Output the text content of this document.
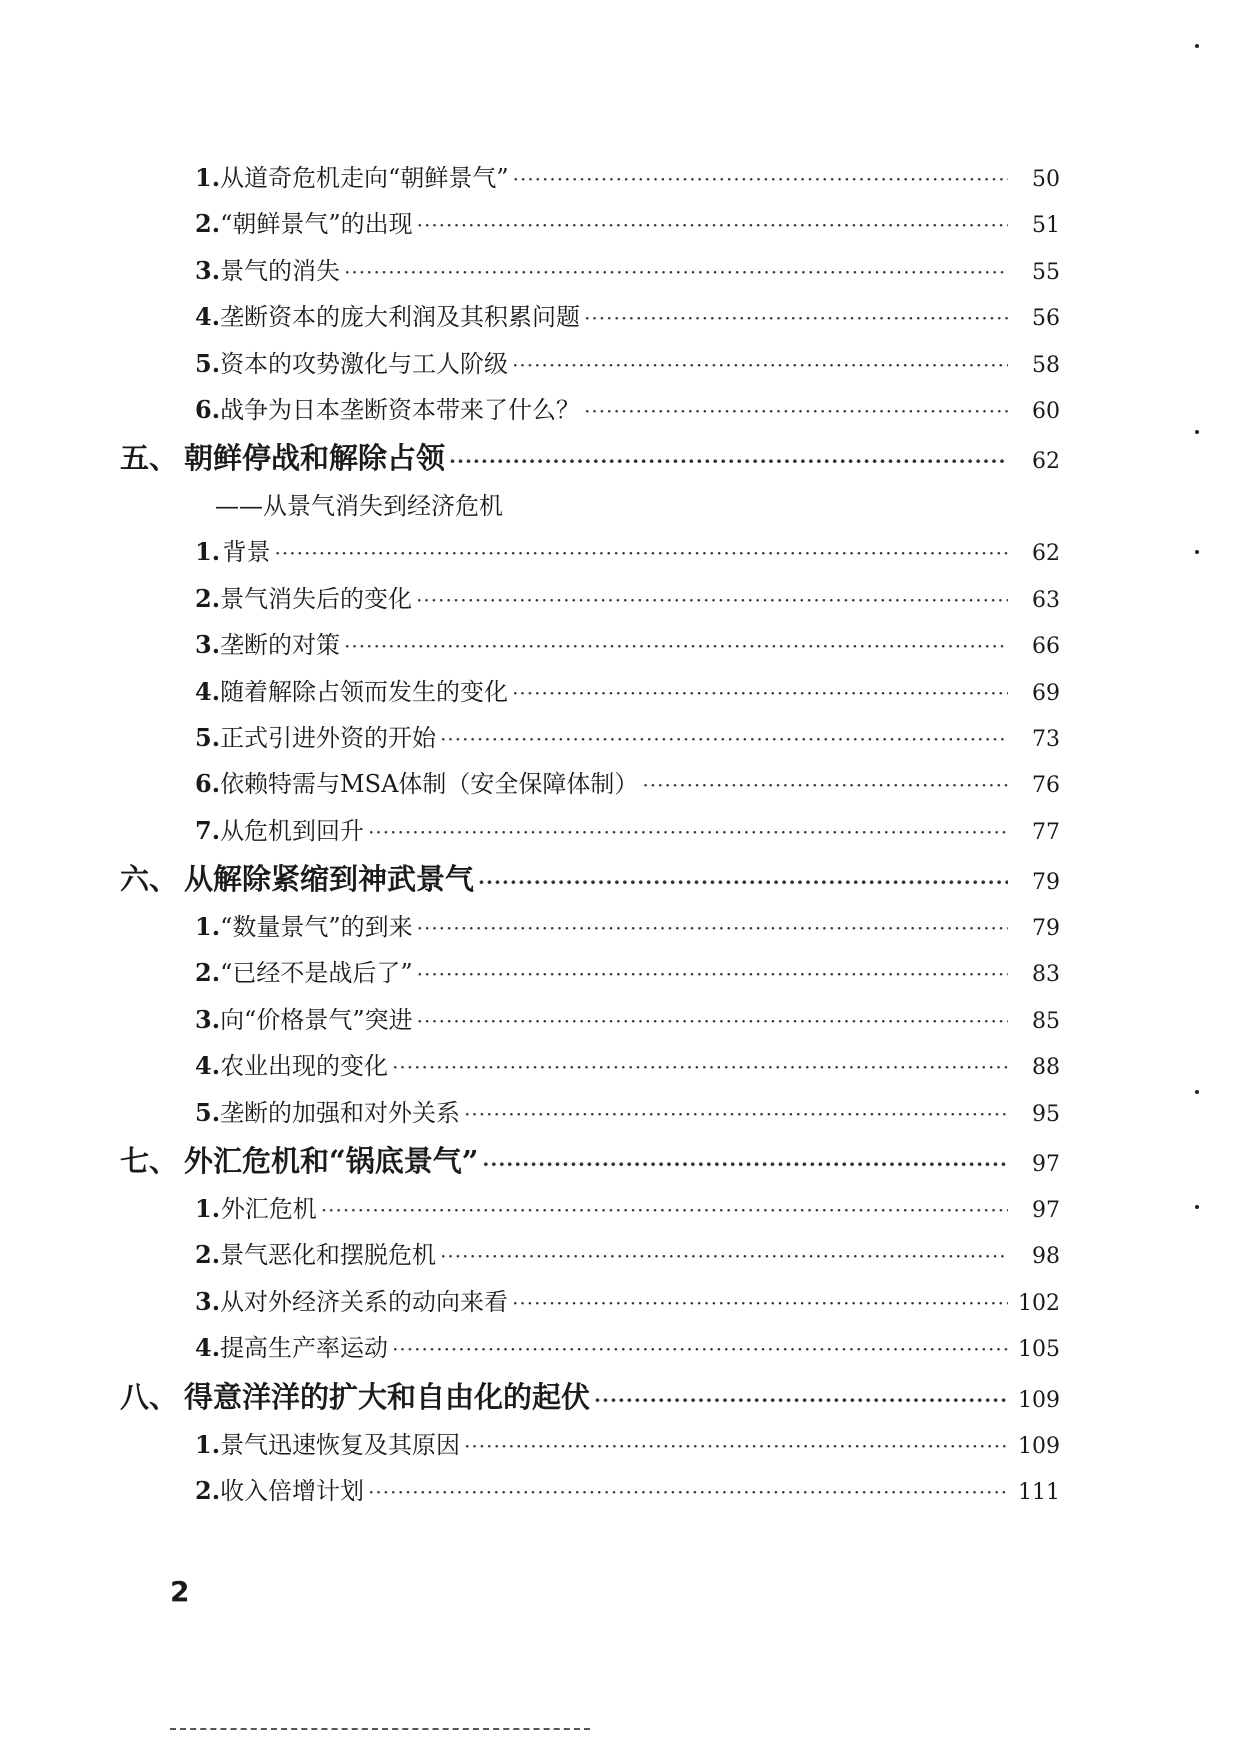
1. 从道奇危机走向“朝鲜景气” ·····	50
2. “朝鲜景气”的出现 ·····	51
3. 景气的消失 ·····	55
4. 垄断资本的庞大利润及其积累问题 ·····	56
5. 资本的攻势激化与工人阶级 ·····	58
6. 战争为日本垄断资本带来了什么？ ·····	60
五、 朝鲜停战和解除占领 ·····	62
——从景气消失到经济危机
1. 背景 ·····	62
2. 景气消失后的变化 ·····	63
3. 垄断的对策 ·····	66
4. 随着解除占领而发生的变化 ·····	69
5. 正式引进外资的开始 ·····	73
6. 依赖特需与MSA体制（安全保障体制） ·····	76
7. 从危机到回升 ·····	77
六、 从解除紧缩到神武景气 ·····	79
1. “数量景气”的到来 ·····	79
2. “已经不是战后了” ·····	83
3. 向“价格景气”突进 ·····	85
4. 农业出现的变化 ·····	88
5. 垄断的加强和对外关系 ·····	95
七、 外汇危机和“锅底景气” ·····	97
1. 外汇危机 ·····	97
2. 景气恶化和摆脱危机 ·····	98
3. 从对外经济关系的动向来看 ·····	102
4. 提高生产率运动 ·····	105
八、 得意洋洋的扩大和自由化的起伏 ·····	109
1. 景气迅速恢复及其原因 ·····	109
2. 收入倍增计划 ·····	111
2
